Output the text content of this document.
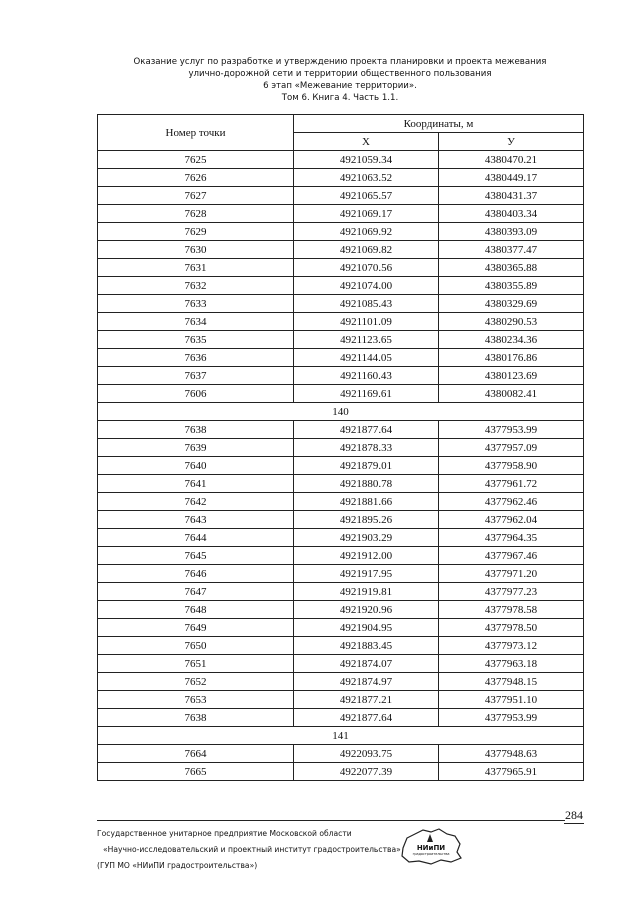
Оказание услуг по разработке и утверждению проекта планировки и проекта межевания
улично-дорожной сети и территории общественного пользования
6 этап «Межевание территории».
Том 6. Книга 4. Часть 1.1.
Номер точки	Координаты, м	
	X	У
7625	4921059.34	4380470.21
7626	4921063.52	4380449.17
7627	4921065.57	4380431.37
7628	4921069.17	4380403.34
7629	4921069.92	4380393.09
7630	4921069.82	4380377.47
7631	4921070.56	4380365.88
7632	4921074.00	4380355.89
7633	4921085.43	4380329.69
7634	4921101.09	4380290.53
7635	4921123.65	4380234.36
7636	4921144.05	4380176.86
7637	4921160.43	4380123.69
7606	4921169.61	4380082.41
140		
7638	4921877.64	4377953.99
7639	4921878.33	4377957.09
7640	4921879.01	4377958.90
7641	4921880.78	4377961.72
7642	4921881.66	4377962.46
7643	4921895.26	4377962.04
7644	4921903.29	4377964.35
7645	4921912.00	4377967.46
7646	4921917.95	4377971.20
7647	4921919.81	4377977.23
7648	4921920.96	4377978.58
7649	4921904.95	4377978.50
7650	4921883.45	4377973.12
7651	4921874.07	4377963.18
7652	4921874.97	4377948.15
7653	4921877.21	4377951.10
7638	4921877.64	4377953.99
141		
7664	4922093.75	4377948.63
7665	4922077.39	4377965.91
284
Государственное унитарное предприятие Московской области
«Научно-исследовательский и проектный институт градостроительства»
(ГУП МО «НИиПИ градостроительства»)
НИиПИ
градостроительства
